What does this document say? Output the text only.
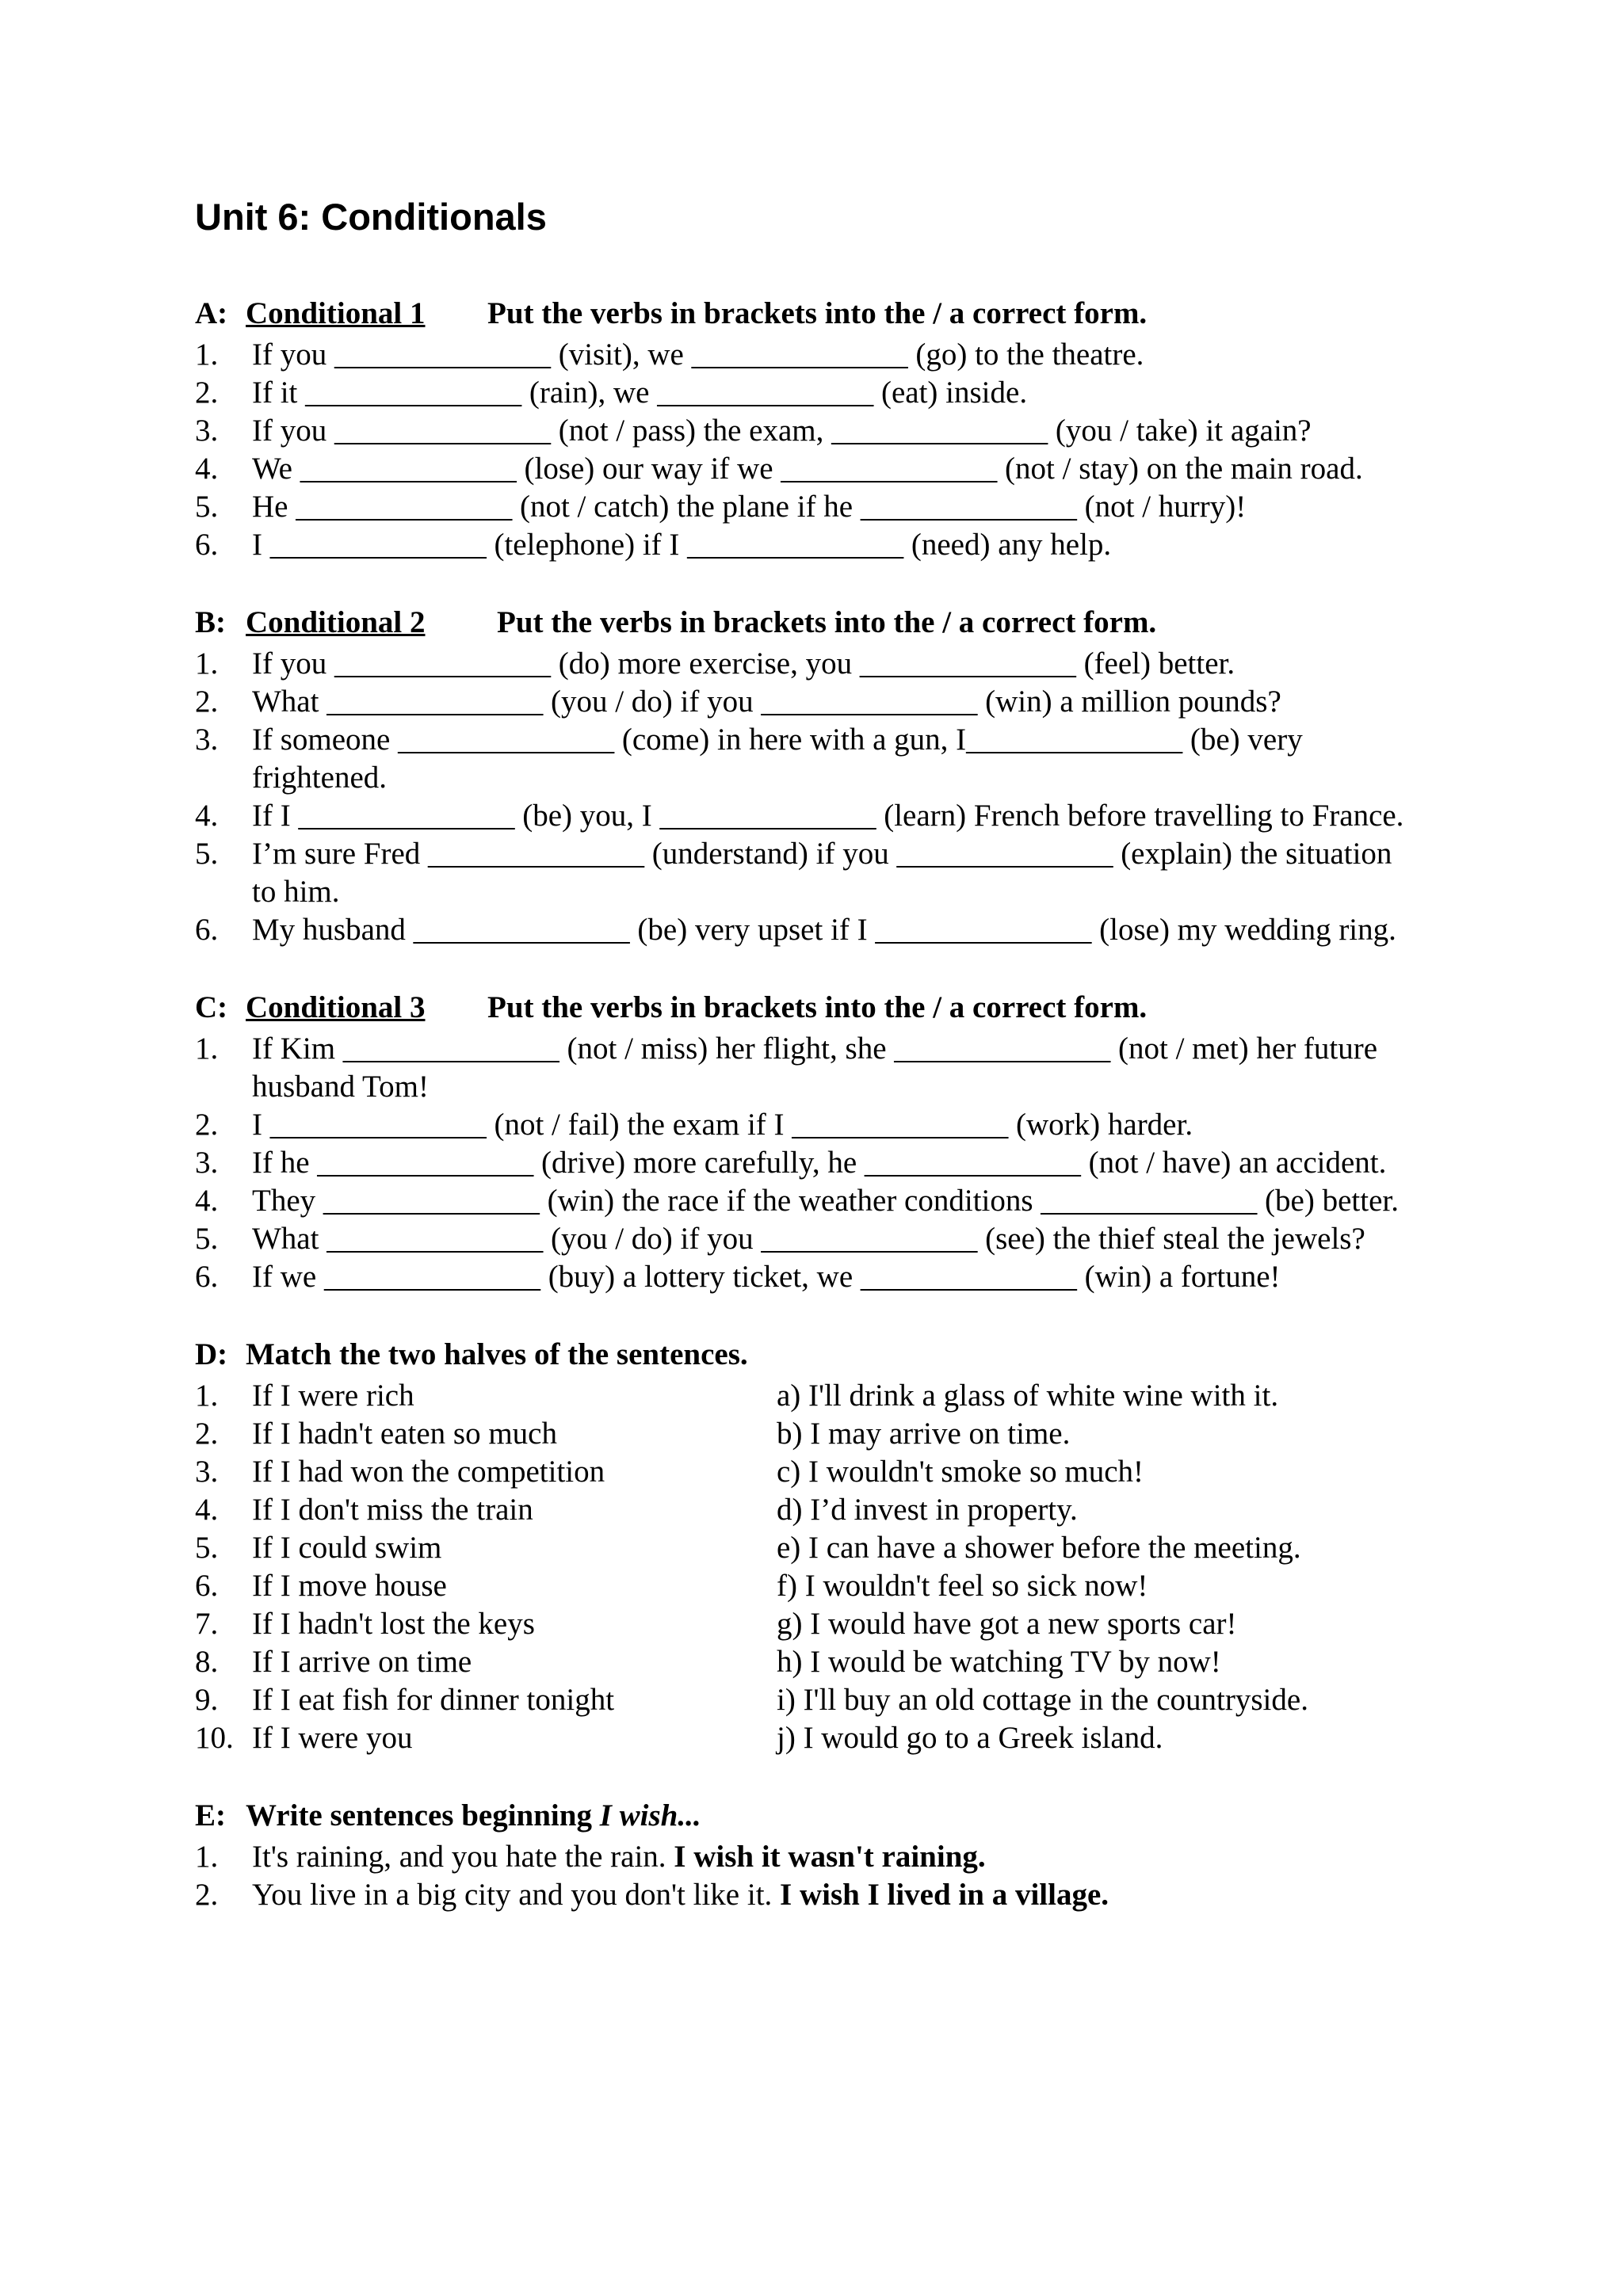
Unit 6: Conditionals
A: Conditional 1	Put the verbs in brackets into the / a correct form.
1.	If you ______________ (visit), we ______________ (go) to the theatre.
2.	If it ______________ (rain), we ______________ (eat) inside.
3.	If you ______________ (not / pass) the exam, ______________ (you / take) it again?
4.	We ______________ (lose) our way if we ______________ (not / stay) on the main road.
5.	He ______________ (not / catch) the plane if he ______________ (not / hurry)!
6.	I ______________ (telephone) if I ______________ (need) any help.
B: Conditional 2	Put the verbs in brackets into the / a correct form.
1.	If you ______________ (do) more exercise, you ______________ (feel) better.
2.	What ______________ (you / do) if you ______________ (win) a million pounds?
3.	If someone ______________ (come) in here with a gun, I______________ (be) very frightened.
4.	If I ______________ (be) you, I ______________ (learn) French before travelling to France.
5.	I’m sure Fred ______________ (understand) if you ______________ (explain) the situation to him.
6.	My husband ______________ (be) very upset if I ______________ (lose) my wedding ring.
C: Conditional 3	Put the verbs in brackets into the / a correct form.
1.	If Kim ______________ (not / miss) her flight, she ______________ (not / met) her future husband Tom!
2.	I ______________ (not / fail) the exam if I ______________ (work) harder.
3.	If he ______________ (drive) more carefully, he ______________ (not / have) an accident.
4.	They ______________ (win) the race if the weather conditions ______________ (be) better.
5.	What ______________ (you / do) if you ______________ (see) the thief steal the jewels?
6.	If we ______________ (buy) a lottery ticket, we ______________ (win) a fortune!
D: Match the two halves of the sentences.
1.	If I were rich	a) I'll drink a glass of white wine with it.
2.	If I hadn't eaten so much	b) I may arrive on time.
3.	If I had won the competition	c) I wouldn't smoke so much!
4.	If I don't miss the train	d) I’d invest in property.
5.	If I could swim	e) I can have a shower before the meeting.
6.	If I move house	f) I wouldn't feel so sick now!
7.	If I hadn't lost the keys	g) I would have got a new sports car!
8.	If I arrive on time	h) I would be watching TV by now!
9.	If I eat fish for dinner tonight	i) I'll buy an old cottage in the countryside.
10. If I were you	j) I would go to a Greek island.
E: Write sentences beginning I wish...
1.	It's raining, and you hate the rain. I wish it wasn't raining.
2.	You live in a big city and you don't like it. I wish I lived in a village.
